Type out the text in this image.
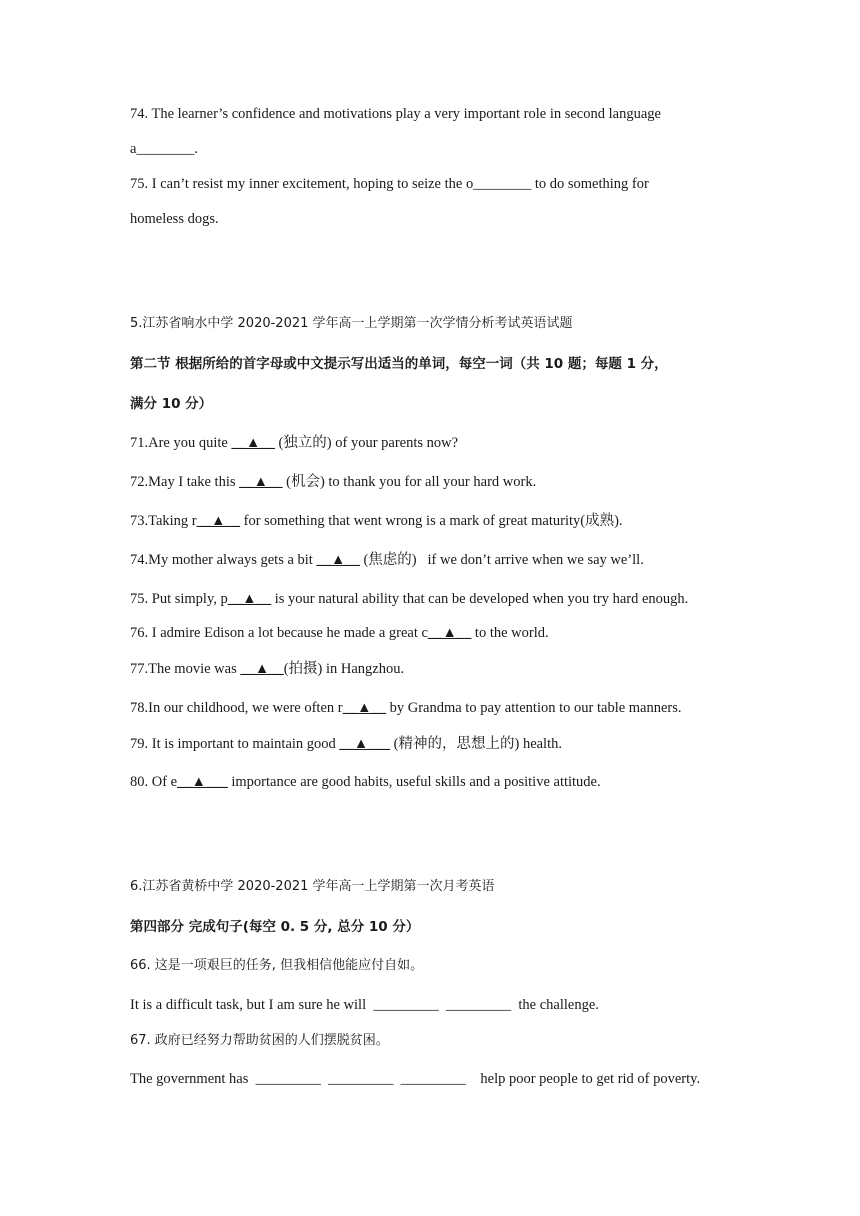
74. The learner’s confidence and motivations play a very important role in second language
a________.
75. I can’t resist my inner excitement, hoping to seize the o________ to do something for
homeless dogs.
5.江苏省响水中学 2020-2021 学年高一上学期第一次学情分析考试英语试题
第二节 根据所给的首字母或中文提示写出适当的单词，每空一词（共 10 题；每题 1 分，
满分 10 分）
71.Are you quite __▲__ (独立的) of your parents now?
72.May I take this __▲__ (机会) to thank you for all your hard work.
73.Taking r__▲__ for something that went wrong is a mark of great maturity(成熟).
74.My mother always gets a bit __▲__ (焦虑的)   if we don’t arrive when we say we’ll.
75. Put simply, p__▲__ is your natural ability that can be developed when you try hard enough.
76. I admire Edison a lot because he made a great c__▲__ to the world.
77.The movie was __▲__(拍摄) in Hangzhou.
78.In our childhood, we were often r__▲__ by Grandma to pay attention to our table manners.
79. It is important to maintain good __▲___ (精神的，思想上的) health.
80. Of e__▲___ importance are good habits, useful skills and a positive attitude.
6.江苏省黄桥中学 2020-2021 学年高一上学期第一次月考英语
第四部分 完成句子(每空 0. 5 分, 总分 10 分）
66. 这是一项艰巨的任务, 但我相信他能应付自如。
It is a difficult task, but I am sure he will  _________  _________  the challenge.
67. 政府已经努力帮助贫困的人们摆脱贫困。
The government has  _________  _________  _________    help poor people to get rid of poverty.
